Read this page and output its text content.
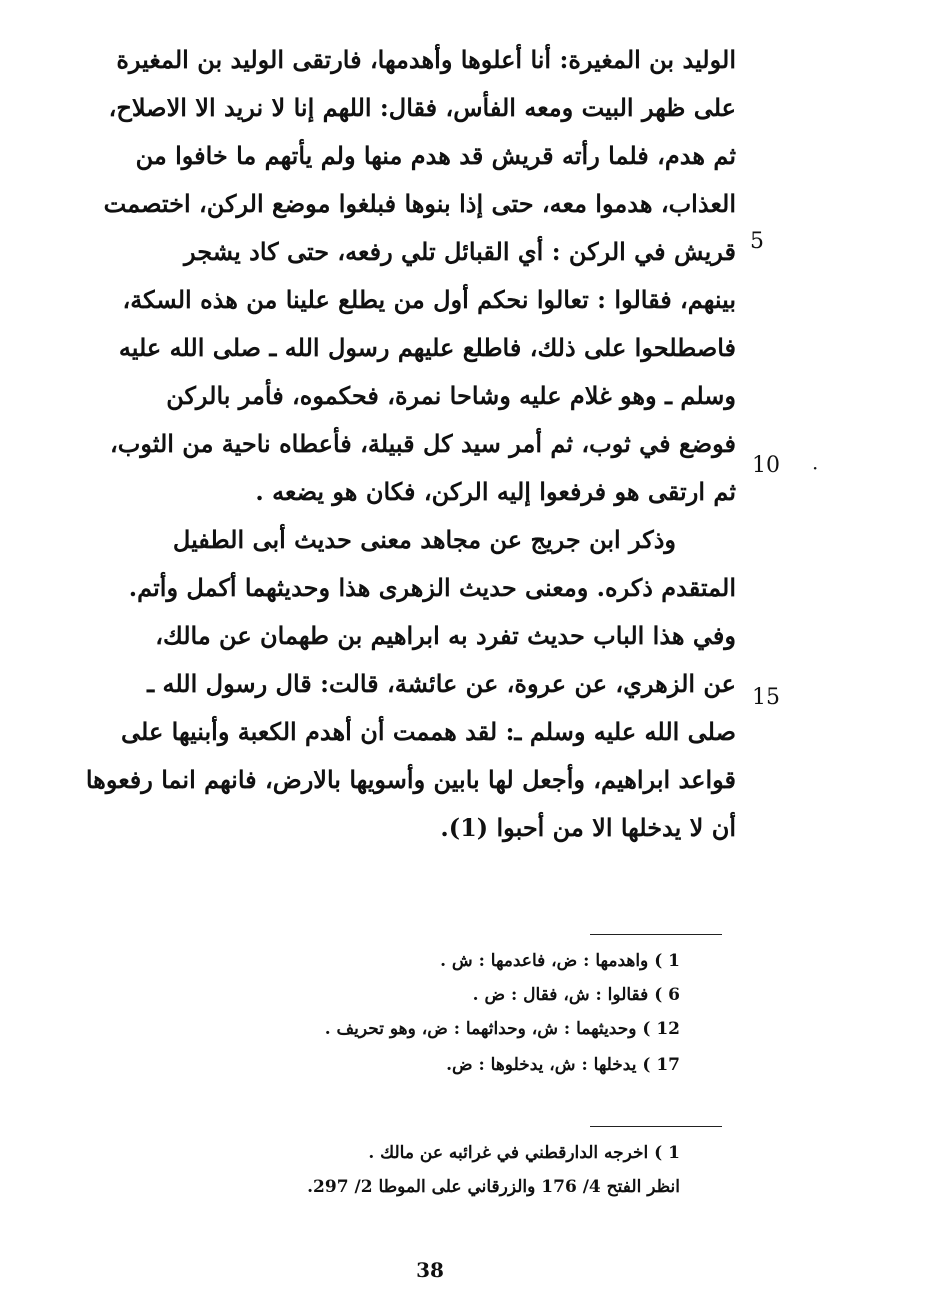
الوليد بن المغيرة: أنا أعلوها وأهدمها، فارتقى الوليد بن المغيرة
على ظهر البيت ومعه الفأس، فقال: اللهم إنا لا نريد الا الاصلاح،
ثم هدم، فلما رأته قريش قد هدم منها ولم يأتهم ما خافوا من
العذاب، هدموا معه، حتى إذا بنوها فبلغوا موضع الركن، اختصمت
قريش في الركن : أي القبائل تلي رفعه، حتى كاد يشجر
بينهم، فقالوا : تعالوا نحكم أول من يطلع علينا من هذه السكة،
فاصطلحوا على ذلك، فاطلع عليهم رسول الله ـ صلى الله عليه
وسلم ـ وهو غلام عليه وشاحا نمرة، فحكموه، فأمر بالركن
فوضع في ثوب، ثم أمر سيد كل قبيلة، فأعطاه ناحية من الثوب،
ثم ارتقى هو فرفعوا إليه الركن، فكان هو يضعه .
وذكر ابن جريج عن مجاهد معنى حديث أبى الطفيل
المتقدم ذكره. ومعنى حديث الزهرى هذا وحديثهما أكمل وأتم.
وفي هذا الباب حديث تفرد به ابراهيم بن طهمان عن مالك،
عن الزهري، عن عروة، عن عائشة، قالت: قال رسول الله ـ
صلى الله عليه وسلم ـ: لقد هممت أن أهدم الكعبة وأبنيها على
قواعد ابراهيم، وأجعل لها بابين وأسويها بالارض، فانهم انما رفعوها
أن لا يدخلها الا من أحبوا (1).
5
10
15
·
1 ) واهدمها : ض، فاعدمها : ش .
6 ) فقالوا : ش، فقال : ض .
12 ) وحديثهما : ش، وحداثهما : ض، وهو تحريف .
17 ) يدخلها : ش، يدخلوها : ض.
1 ) اخرجه الدارقطني في غرائبه عن مالك .
انظر الفتح 4/ 176 والزرقاني على الموطا 2/ 297.
38
